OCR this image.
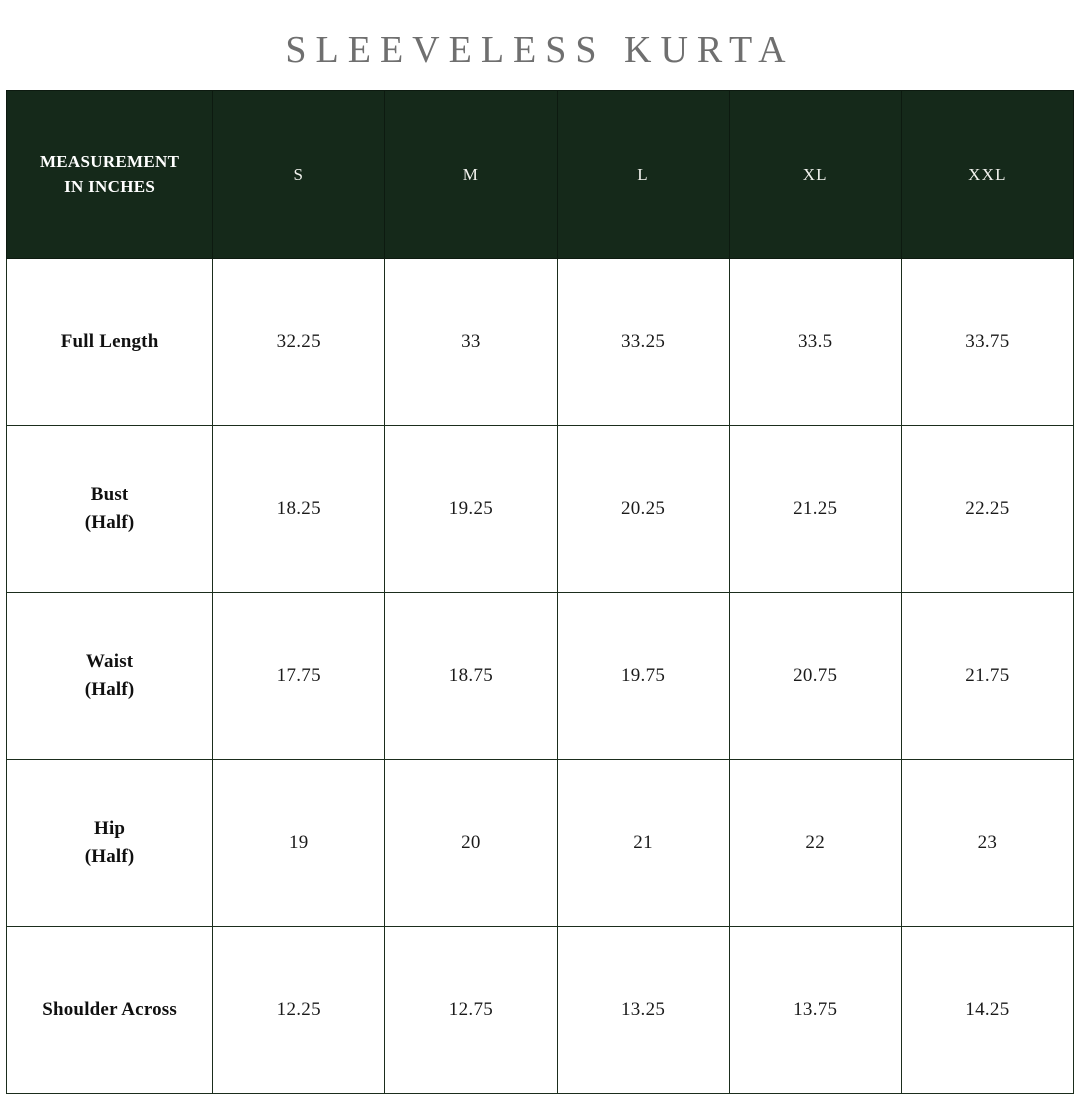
SLEEVELESS KURTA
MEASUREMENT
IN INCHES	S	M	L	XL	XXL

Full Length	32.25	33	33.25	33.5	33.75

Bust
(Half)	18.25	19.25	20.25	21.25	22.25

Waist
(Half)	17.75	18.75	19.75	20.75	21.75

Hip
(Half)	19	20	21	22	23

Shoulder Across	12.25	12.75	13.25	13.75	14.25
